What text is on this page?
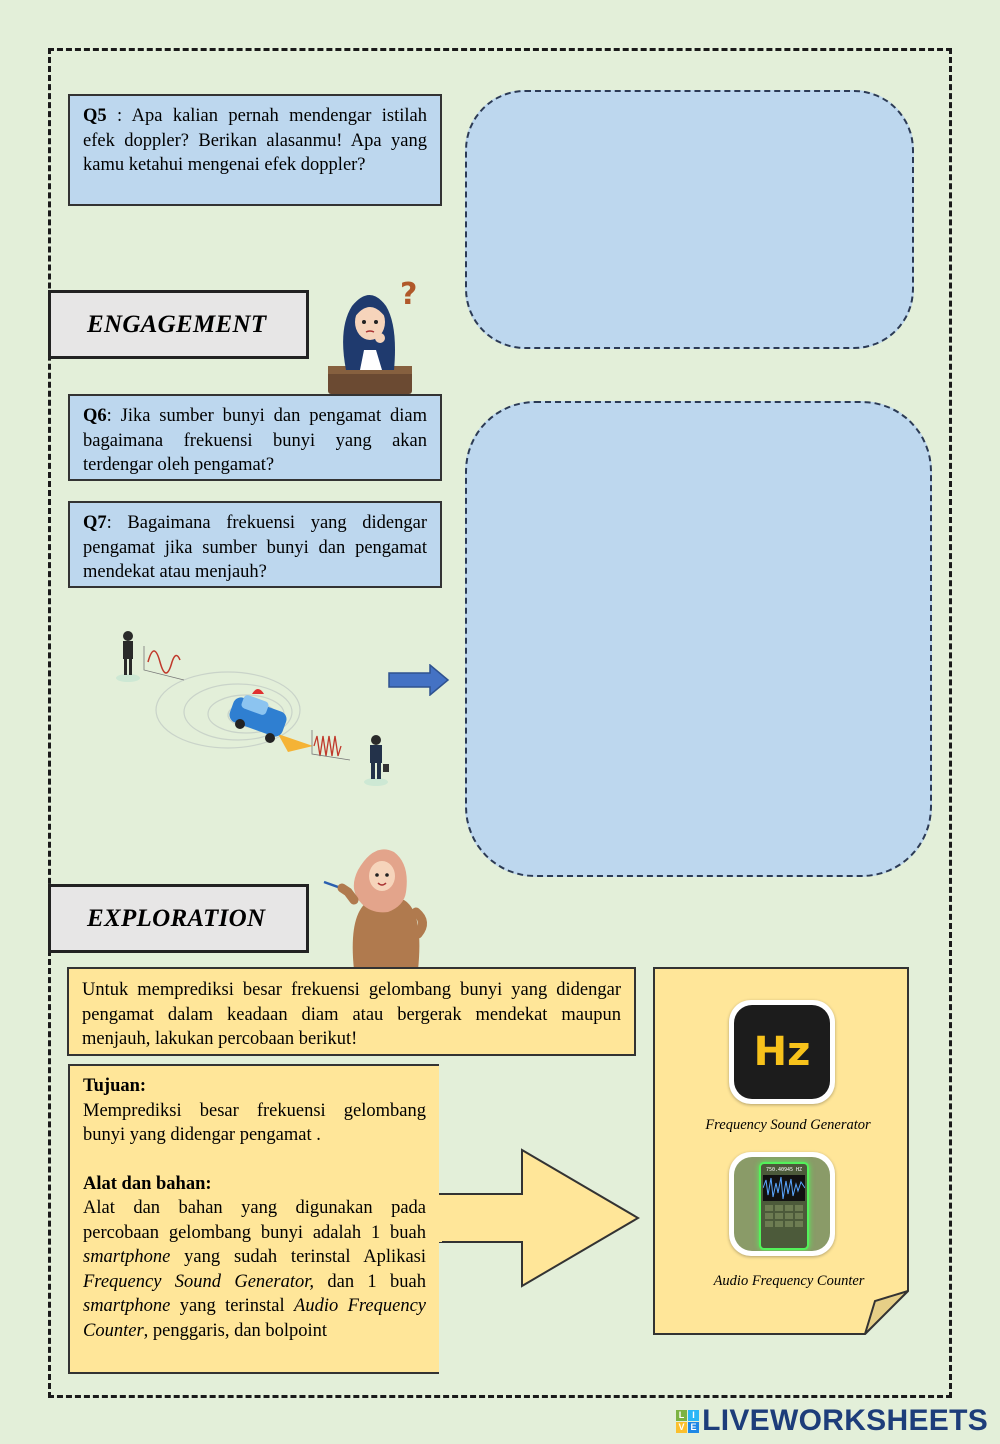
Q5 : Apa kalian pernah mendengar istilah efek doppler? Berikan alasanmu! Apa yang kamu ketahui mengenai efek doppler?
ENGAGEMENT
?
Q6: Jika sumber bunyi dan pengamat diam bagaimana frekuensi bunyi yang akan terdengar oleh pengamat?
Q7: Bagaimana frekuensi yang didengar pengamat jika sumber bunyi dan pengamat mendekat atau menjauh?
EXPLORATION
Untuk memprediksi besar frekuensi gelombang bunyi yang didengar pengamat dalam keadaan diam atau bergerak mendekat maupun menjauh, lakukan percobaan berikut!
Tujuan:
Memprediksi besar frekuensi gelombang bunyi yang didengar pengamat .
Alat dan bahan:
Alat dan bahan yang digunakan pada percobaan gelombang bunyi adalah 1 buah smartphone yang sudah terinstal Aplikasi Frequency Sound Generator, dan 1 buah smartphone yang terinstal Audio Frequency Counter, penggaris, dan bolpoint
Hz
Frequency Sound Generator
750.40945 HZ
Audio Frequency Counter
L I
V E LIVEWORKSHEETS
